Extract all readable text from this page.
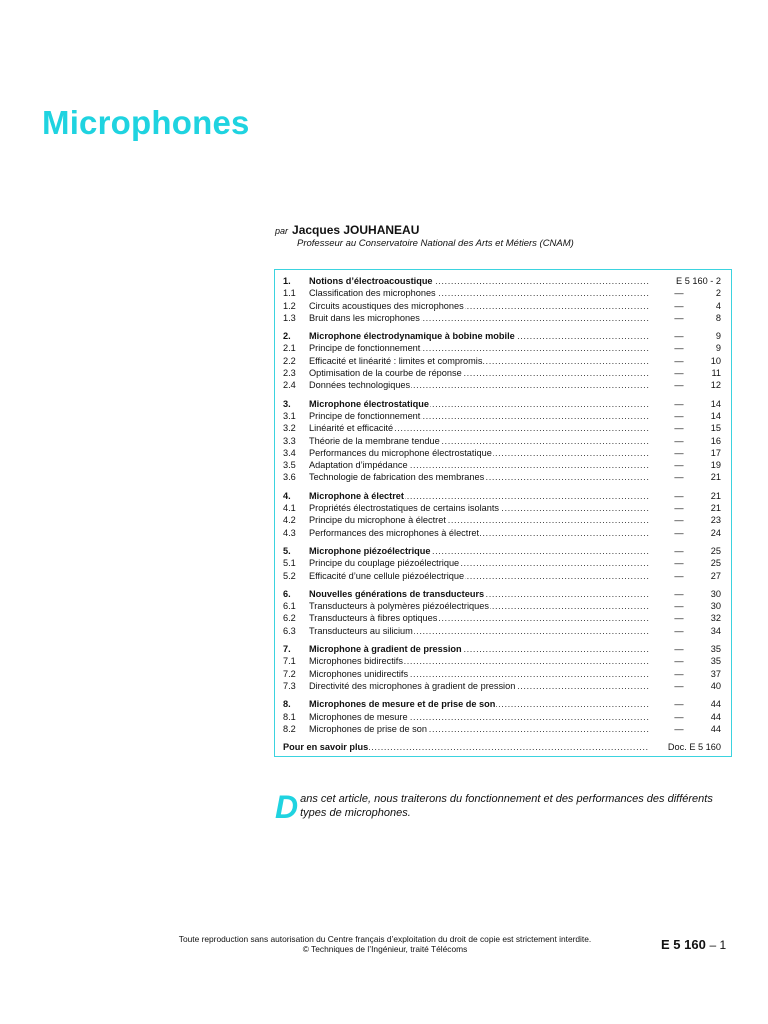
Microphones
par Jacques JOUHANEAU
Professeur au Conservatoire National des Arts et Métiers (CNAM)
1.	Notions d’électroacoustique .....	E 5 160 - 2
1.1	Classification des microphones .....	—	2
1.2	Circuits acoustiques des microphones .....	—	4
1.3	Bruit dans les microphones .....	—	8
2.	Microphone électrodynamique à bobine mobile .....	—	9
2.1	Principe de fonctionnement .....	—	9
2.2	Efficacité et linéarité : limites et compromis .....	—	10
2.3	Optimisation de la courbe de réponse .....	—	11
2.4	Données technologiques .....	—	12
3.	Microphone électrostatique .....	—	14
3.1	Principe de fonctionnement .....	—	14
3.2	Linéarité et efficacité .....	—	15
3.3	Théorie de la membrane tendue .....	—	16
3.4	Performances du microphone électrostatique .....	—	17
3.5	Adaptation d’impédance .....	—	19
3.6	Technologie de fabrication des membranes .....	—	21
4.	Microphone à électret .....	—	21
4.1	Propriétés électrostatiques de certains isolants .....	—	21
4.2	Principe du microphone à électret .....	—	23
4.3	Performances des microphones à électret .....	—	24
5.	Microphone piézoélectrique .....	—	25
5.1	Principe du couplage piézoélectrique .....	—	25
5.2	Efficacité d’une cellule piézoélectrique .....	—	27
6.	Nouvelles générations de transducteurs .....	—	30
6.1	Transducteurs à polymères piézoélectriques .....	—	30
6.2	Transducteurs à fibres optiques .....	—	32
6.3	Transducteurs au silicium .....	—	34
7.	Microphone à gradient de pression .....	—	35
7.1	Microphones bidirectifs .....	—	35
7.2	Microphones unidirectifs .....	—	37
7.3	Directivité des microphones à gradient de pression .....	—	40
8.	Microphones de mesure et de prise de son .....	—	44
8.1	Microphones de mesure .....	—	44
8.2	Microphones de prise de son .....	—	44
Pour en savoir plus .....	Doc. E 5 160
Dans cet article, nous traiterons du fonctionnement et des performances des différents types de microphones.
Toute reproduction sans autorisation du Centre français d’exploitation du droit de copie est strictement interdite.
© Techniques de l’Ingénieur, traité Télécoms	E 5 160 – 1
